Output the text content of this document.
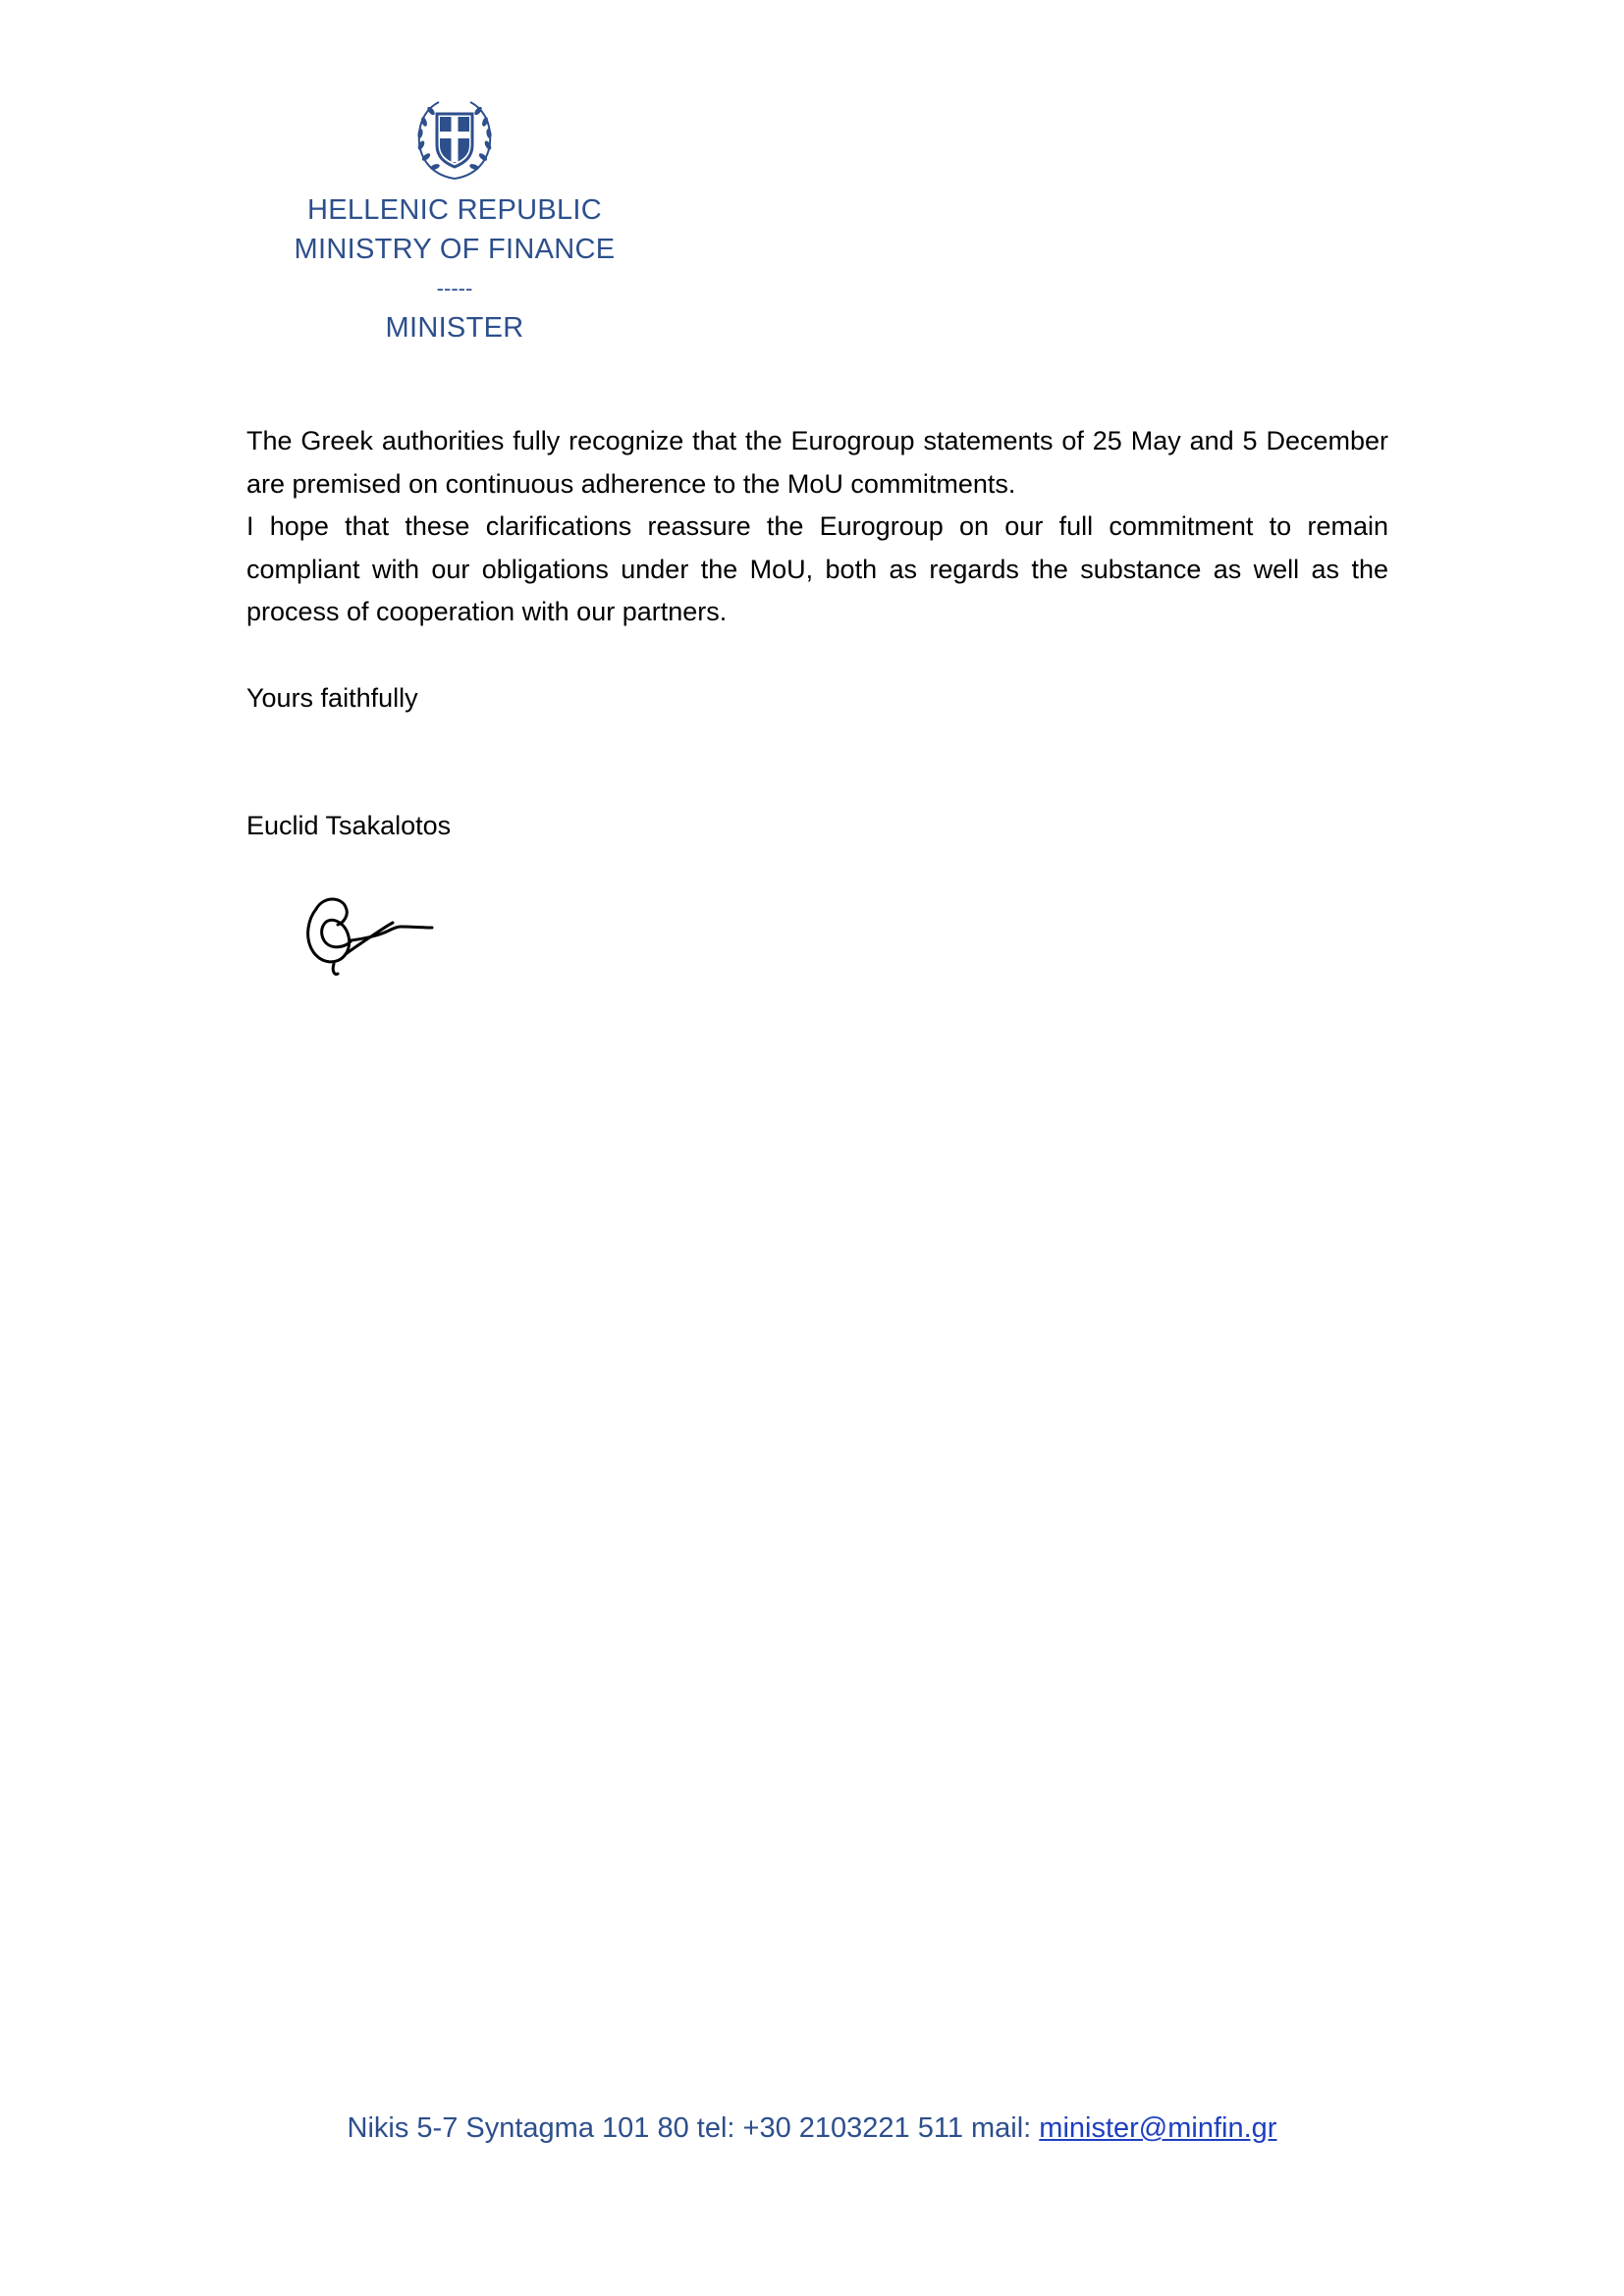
HELLENIC REPUBLIC
MINISTRY OF FINANCE
-----
MINISTER

The Greek authorities fully recognize that the Eurogroup statements of 25 May and 5 December are premised on continuous adherence to the MoU commitments.

I hope that these clarifications reassure the Eurogroup on our full commitment to remain compliant with our obligations under the MoU, both as regards the substance as well as the process of cooperation with our partners.

Yours faithfully
Euclid Tsakalotos
Nikis 5-7 Syntagma 101 80 tel: +30 2103221 511 mail: minister@minfin.gr
